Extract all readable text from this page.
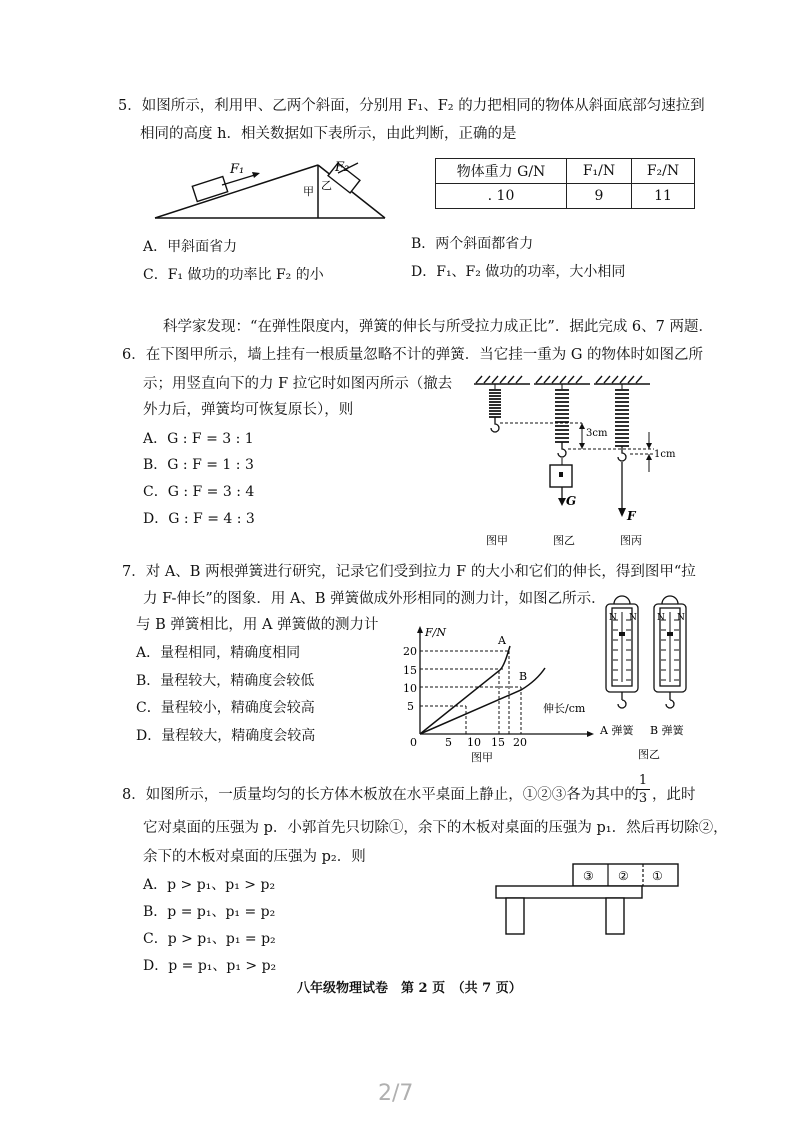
5．如图所示，利用甲、乙两个斜面，分别用 F₁、F₂ 的力把相同的物体从斜面底部匀速拉到
相同的高度 h．相关数据如下表所示，由此判断，正确的是
F₁	F₂
甲 乙
物体重力 G/N	F₁/N	F₂/N
. 10	9	11
A．甲斜面省力	B．两个斜面都省力
C．F₁ 做功的功率比 F₂ 的小	D．F₁、F₂ 做功的功率，大小相同
科学家发现：“在弹性限度内，弹簧的伸长与所受拉力成正比”．据此完成 6、7 两题．
6．在下图甲所示，墙上挂有一根质量忽略不计的弹簧．当它挂一重为 G 的物体时如图乙所
示；用竖直向下的力 F 拉它时如图丙所示（撤去
外力后，弹簧均可恢复原长），则
A．G : F = 3 : 1
B．G : F = 1 : 3
C．G : F = 3 : 4
D．G : F = 4 : 3
3cm
1cm
G
F
图甲	图乙	图丙
7．对 A、B 两根弹簧进行研究，记录它们受到拉力 F 的大小和它们的伸长，得到图甲“拉
力 F-伸长”的图象．用 A、B 弹簧做成外形相同的测力计，如图乙所示．
与 B 弹簧相比，用 A 弹簧做的测力计
A．量程相同，精确度相同
B．量程较大，精确度会较低
C．量程较小，精确度会较高
D．量程较大，精确度会较高
F/N
伸长/cm
0
20
15
10
5
5 10 15 20
A
B
图甲
N N N N
A 弹簧 B 弹簧
图乙
8．如图所示，一质量均匀的长方体木板放在水平桌面上静止，①②③各为其中的
1
3 ，此时
它对桌面的压强为 p．小郭首先只切除①，余下的木板对桌面的压强为 p₁．然后再切除②，
余下的木板对桌面的压强为 p₂．则
A．p > p₁、p₁ > p₂
B．p = p₁、p₁ = p₂
C．p > p₁、p₁ = p₂
D．p = p₁、p₁ > p₂
③ ② ①
八年级物理试卷　第 2 页　（共 7 页）
2/7
